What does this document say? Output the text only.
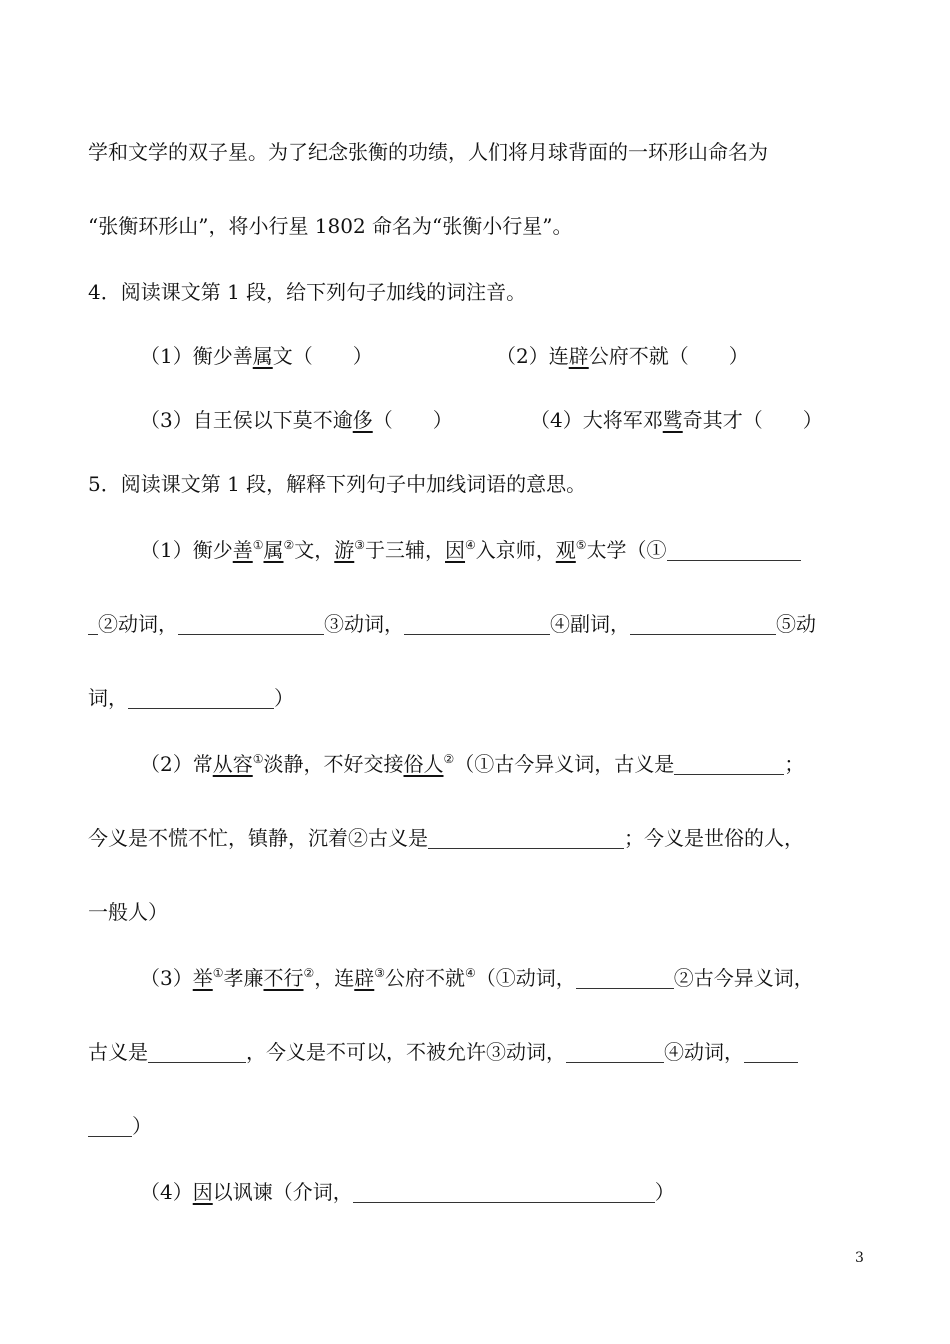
学和文学的双子星。为了纪念张衡的功绩，人们将月球背面的一环形山命名为
“张衡环形山”，将小行星 1802 命名为“张衡小行星”。
4．阅读课文第 1 段，给下列句子加线的词注音。
（1）衡少善属文（　　）	（2）连辟公府不就（　　）
（3）自王侯以下莫不逾侈（　　）	（4）大将军邓骘奇其才（　　）
5．阅读课文第 1 段，解释下列句子中加线词语的意思。
（1）衡少善①属②文，游③于三辅，因④入京师，观⑤太学（①
②动词，	③动词，	④副词，	⑤动
词，	）
（2）常从容①淡静，不好交接俗人②（①古今异义词，古义是	；
今义是不慌不忙，镇静，沉着②古义是	；今义是世俗的人，
一般人）
（3）举①孝廉不行②，连辟③公府不就④（①动词，	②古今异义词，
古义是	，今义是不可以，不被允许③动词，	④动词，
）
（4）因以讽谏（介词，	）
3
